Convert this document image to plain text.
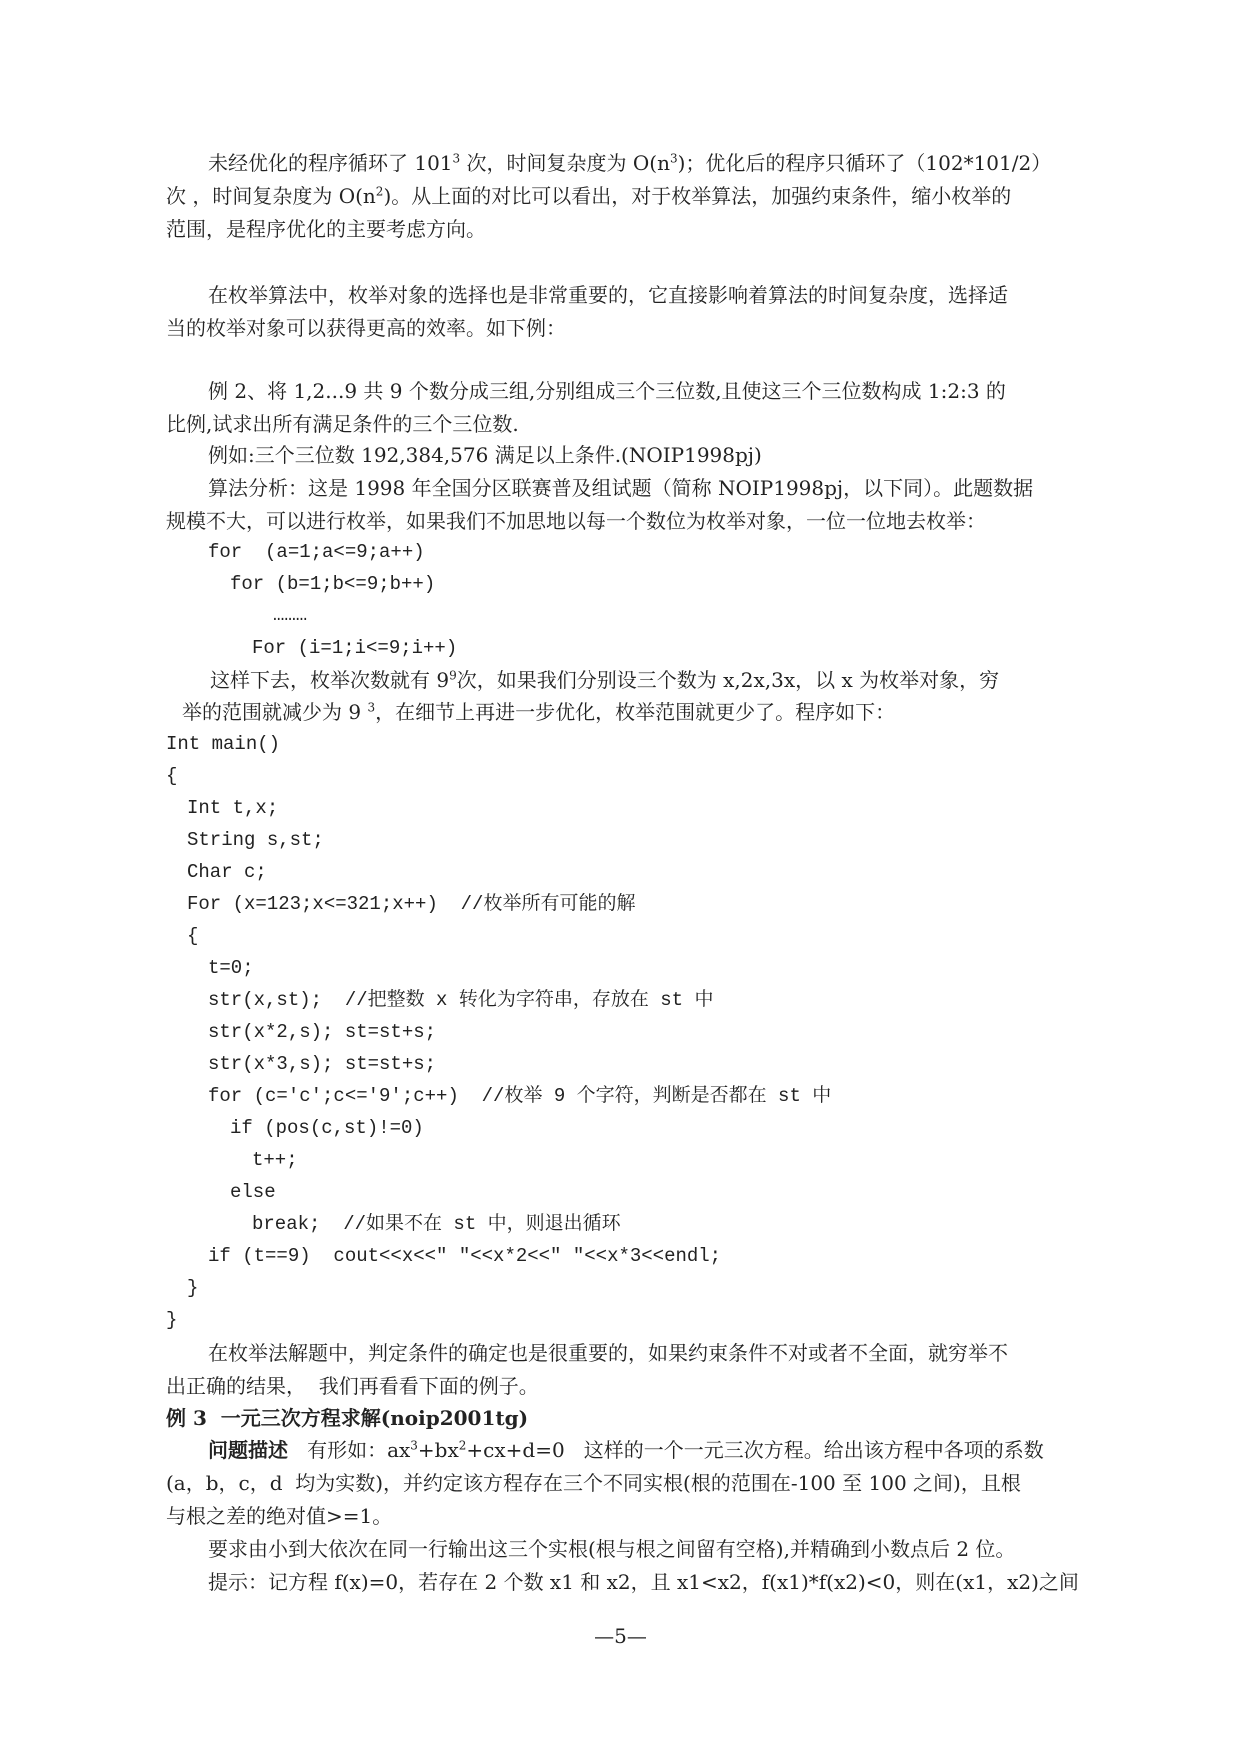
未经优化的程序循环了 $101^3$ 次，时间复杂度为 $O(n^3)$；优化后的程序只循环了（102*101/2）
次 ，时间复杂度为 $O(n^2)$。从上面的对比可以看出，对于枚举算法，加强约束条件，缩小枚举的
范围，是程序优化的主要考虑方向。
在枚举算法中，枚举对象的选择也是非常重要的，它直接影响着算法的时间复杂度，选择适
当的枚举对象可以获得更高的效率。如下例：
例 2、将 1,2...9 共 9 个数分成三组,分别组成三个三位数,且使这三个三位数构成 1:2:3 的
比例,试求出所有满足条件的三个三位数.
例如:三个三位数 192,384,576 满足以上条件.(NOIP1998pj)
算法分析：这是 1998 年全国分区联赛普及组试题（简称 NOIP1998pj，以下同）。此题数据
规模不大，可以进行枚举，如果我们不加思地以每一个数位为枚举对象，一位一位地去枚举：
for  (a=1;a<=9;a++)
for (b=1;b<=9;b++)
………
For (i=1;i<=9;i++)
这样下去，枚举次数就有 $9^9$次，如果我们分别设三个数为 x,2x,3x，以 x 为枚举对象，穷
举的范围就减少为 9 $^3$，在细节上再进一步优化，枚举范围就更少了。程序如下：
Int main()
{
Int t,x;
String s,st;
Char c;
For (x=123;x<=321;x++)  //枚举所有可能的解
{
t=0;
str(x,st);  //把整数 x 转化为字符串，存放在 st 中
str(x*2,s); st=st+s;
str(x*3,s); st=st+s;
for (c='c';c<='9';c++)  //枚举 9 个字符，判断是否都在 st 中
if (pos(c,st)!=0)
t++;
else
break;  //如果不在 st 中，则退出循环
if (t==9)  cout<<x<<" "<<x*2<<" "<<x*3<<endl;
}
}
在枚举法解题中，判定条件的确定也是很重要的，如果约束条件不对或者不全面，就穷举不
出正确的结果，  我们再看看下面的例子。
例 3  一元三次方程求解(noip2001tg)
问题描述   有形如：$ax^3+bx^2+cx+d=0$   这样的一个一元三次方程。给出该方程中各项的系数
(a，b，c，d  均为实数)，并约定该方程存在三个不同实根(根的范围在-100 至 100 之间)，且根
与根之差的绝对值>=1。
要求由小到大依次在同一行输出这三个实根(根与根之间留有空格),并精确到小数点后 2 位。
提示：记方程 f(x)=0，若存在 2 个数 x1 和 x2，且 x1<x2，f(x1)*f(x2)<0，则在(x1，x2)之间
—5—
